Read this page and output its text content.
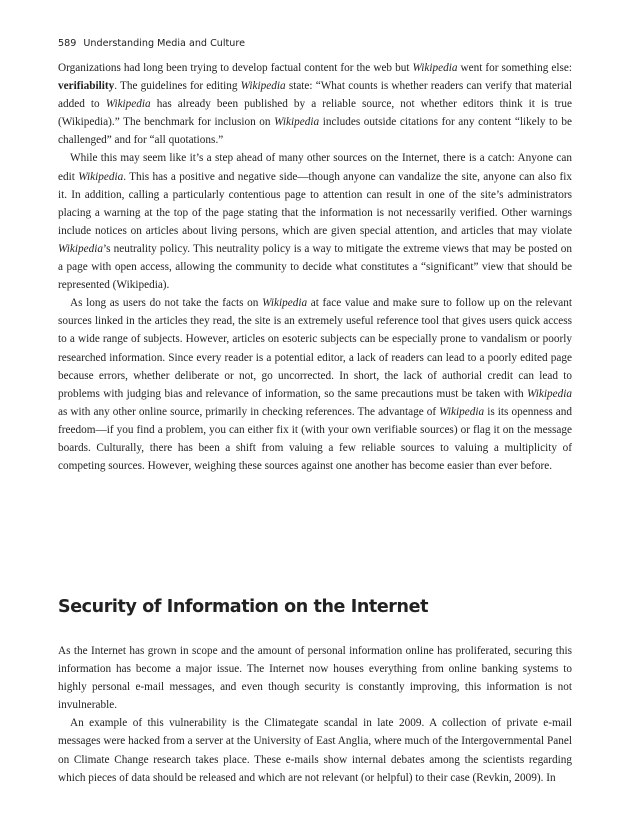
589 Understanding Media and Culture

Organizations had long been trying to develop factual content for the web but Wikipedia went for something else: verifiability. The guidelines for editing Wikipedia state: “What counts is whether readers can verify that material added to Wikipedia has already been published by a reliable source, not whether editors think it is true (Wikipedia).” The benchmark for inclusion on Wikipedia includes outside citations for any content “likely to be challenged” and for “all quotations.”

While this may seem like it’s a step ahead of many other sources on the Internet, there is a catch: Anyone can edit Wikipedia. This has a positive and negative side—though anyone can vandalize the site, anyone can also fix it. In addition, calling a particularly contentious page to attention can result in one of the site’s administrators placing a warning at the top of the page stating that the information is not necessarily verified. Other warnings include notices on articles about living persons, which are given special attention, and articles that may violate Wikipedia’s neutrality policy. This neutrality policy is a way to mitigate the extreme views that may be posted on a page with open access, allowing the community to decide what constitutes a “significant” view that should be represented (Wikipedia).

As long as users do not take the facts on Wikipedia at face value and make sure to follow up on the relevant sources linked in the articles they read, the site is an extremely useful reference tool that gives users quick access to a wide range of subjects. However, articles on esoteric subjects can be especially prone to vandalism or poorly researched information. Since every reader is a potential editor, a lack of readers can lead to a poorly edited page because errors, whether deliberate or not, go uncorrected. In short, the lack of authorial credit can lead to problems with judging bias and relevance of information, so the same precautions must be taken with Wikipedia as with any other online source, primarily in checking references. The advantage of Wikipedia is its openness and freedom—if you find a problem, you can either fix it (with your own verifiable sources) or flag it on the message boards. Culturally, there has been a shift from valuing a few reliable sources to valuing a multiplicity of competing sources. However, weighing these sources against one another has become easier than ever before.

Security of Information on the Internet

As the Internet has grown in scope and the amount of personal information online has proliferated, securing this information has become a major issue. The Internet now houses everything from online banking systems to highly personal e-mail messages, and even though security is constantly improving, this information is not invulnerable.

An example of this vulnerability is the Climategate scandal in late 2009. A collection of private e-mail messages were hacked from a server at the University of East Anglia, where much of the Intergovernmental Panel on Climate Change research takes place. These e-mails show internal debates among the scientists regarding which pieces of data should be released and which are not relevant (or helpful) to their case (Revkin, 2009). In
